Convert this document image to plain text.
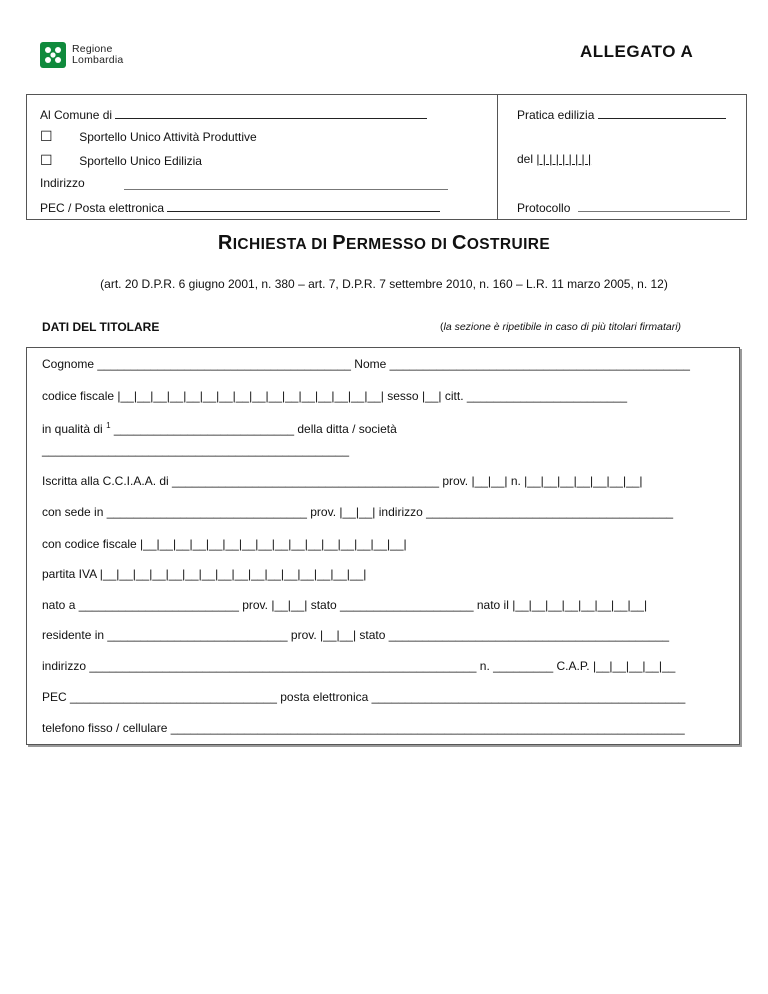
Regione
Lombardia	ALLEGATO A
Al Comune di
☐ Sportello Unico Attività Produttive
☐ Sportello Unico Edilizia
Indirizzo
PEC / Posta elettronica
Pratica edilizia
del | | | | | | | | |
Protocollo
RICHIESTA DI PERMESSO DI COSTRUIRE
(art. 20 D.P.R. 6 giugno 2001, n. 380 – art. 7, D.P.R. 7 settembre 2010, n. 160 – L.R. 11 marzo 2005, n. 12)
DATI DEL TITOLARE	(la sezione è ripetibile in caso di più titolari firmatari)
Cognome ______________________________________ Nome _____________________________________________
codice fiscale |__|__|__|__|__|__|__|__|__|__|__|__|__|__|__|__| sesso |__| citt. ________________________
in qualità di $^1$ ___________________________ della ditta / società
______________________________________________
Iscritta alla C.C.I.A.A. di ________________________________________ prov. |__|__| n. |__|__|__|__|__|__|__|
con sede in ______________________________ prov. |__|__| indirizzo _____________________________________
con codice fiscale |__|__|__|__|__|__|__|__|__|__|__|__|__|__|__|__|
partita IVA |__|__|__|__|__|__|__|__|__|__|__|__|__|__|__|__|
nato a ________________________ prov. |__|__| stato ____________________ nato il |__|__|__|__|__|__|__|__|
residente in ___________________________ prov. |__|__| stato __________________________________________
indirizzo __________________________________________________________ n. _________ C.A.P. |__|__|__|__|__
PEC _______________________________ posta elettronica _______________________________________________
telefono fisso / cellulare _____________________________________________________________________________
